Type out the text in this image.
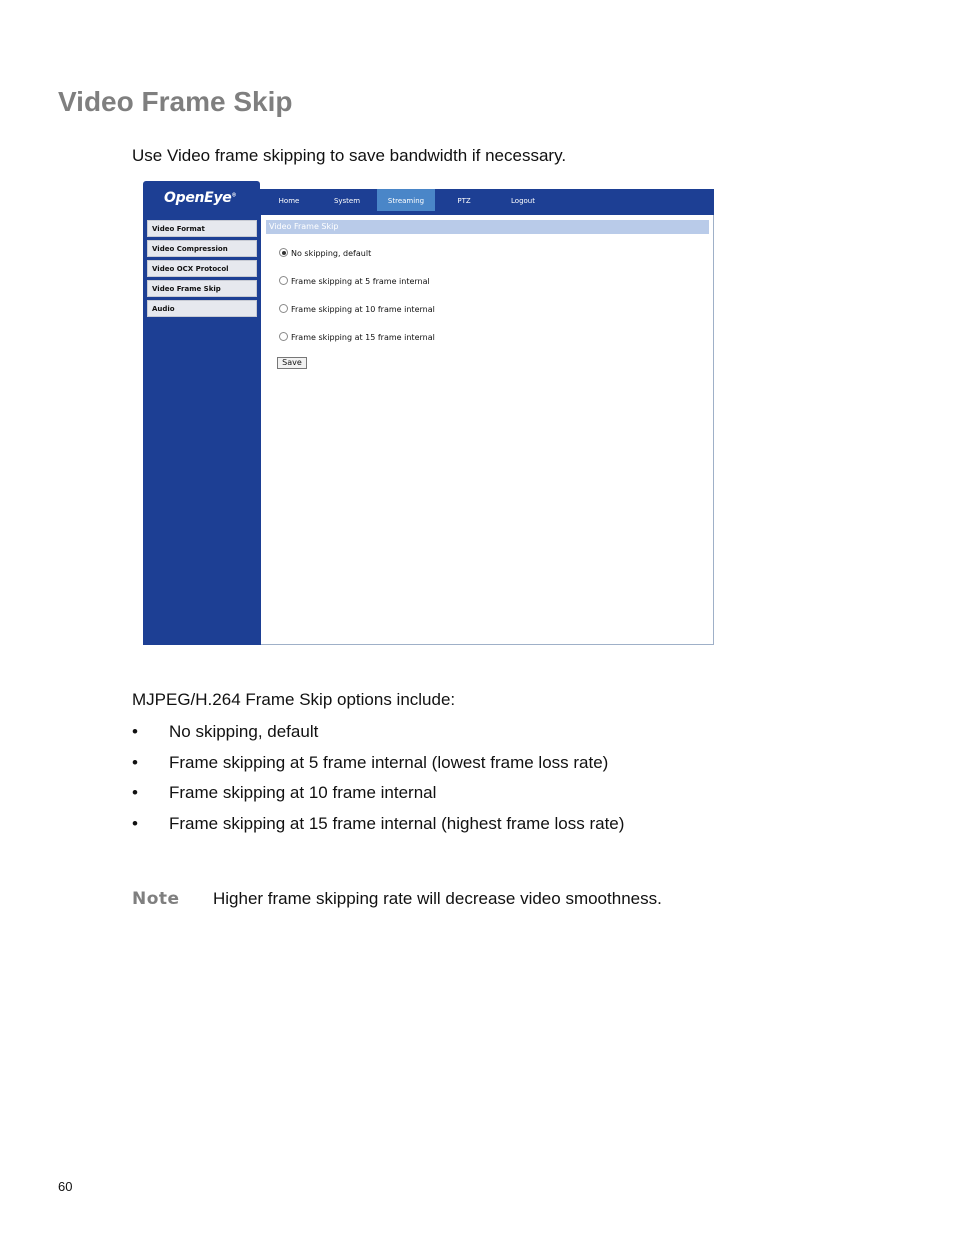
Video Frame Skip
Use Video frame skipping to save bandwidth if necessary.
OpenEye®
Home	System	Streaming	PTZ	Logout
Video Format
Video Compression
Video OCX Protocol
Video Frame Skip
Audio
Video Frame Skip
No skipping, default
Frame skipping at 5 frame internal
Frame skipping at 10 frame internal
Frame skipping at 15 frame internal
Save
MJPEG/H.264 Frame Skip options include:
•	No skipping, default
•	Frame skipping at 5 frame internal (lowest frame loss rate)
•	Frame skipping at 10 frame internal
•	Frame skipping at 15 frame internal (highest frame loss rate)
Note Higher frame skipping rate will decrease video smoothness.
60
